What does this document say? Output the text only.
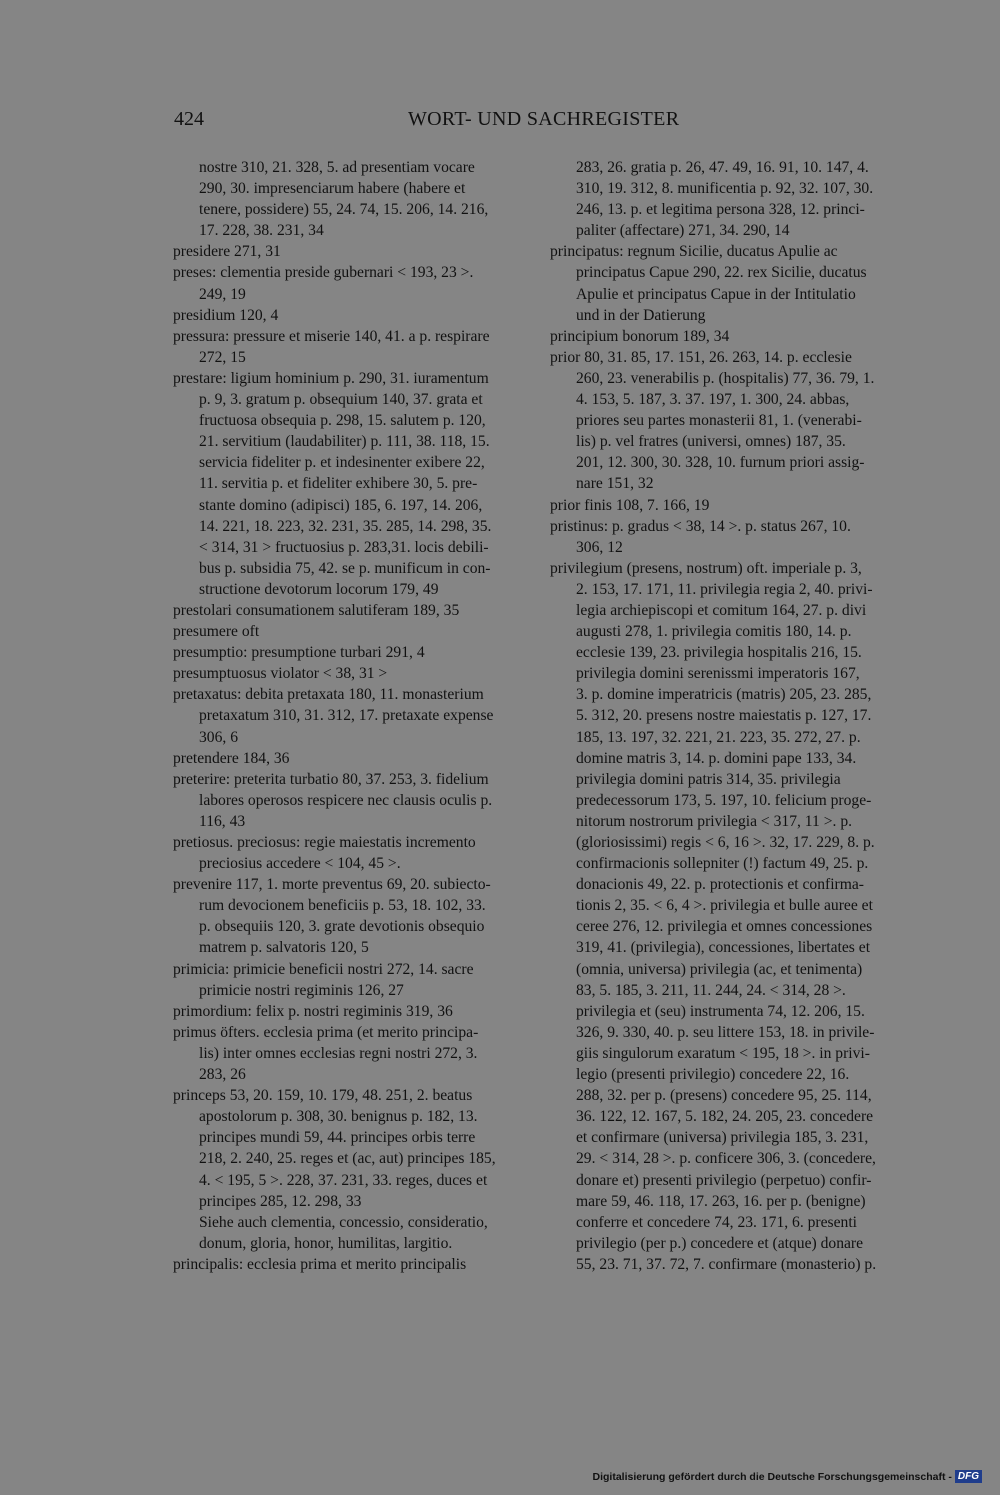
424	WORT- UND SACHREGISTER
nostre 310, 21. 328, 5. ad presentiam vocare
290, 30. impresenciarum habere (habere et
tenere, possidere) 55, 24. 74, 15. 206, 14. 216,
17. 228, 38. 231, 34
presidere 271, 31
preses: clementia preside gubernari < 193, 23 >.
249, 19
presidium 120, 4
pressura: pressure et miserie 140, 41. a p. respirare
272, 15
prestare: ligium hominium p. 290, 31. iuramentum
p. 9, 3. gratum p. obsequium 140, 37. grata et
fructuosa obsequia p. 298, 15. salutem p. 120,
21. servitium (laudabiliter) p. 111, 38. 118, 15.
servicia fideliter p. et indesinenter exibere 22,
11. servitia p. et fideliter exhibere 30, 5. pre-
stante domino (adipisci) 185, 6. 197, 14. 206,
14. 221, 18. 223, 32. 231, 35. 285, 14. 298, 35.
< 314, 31 > fructuosius p. 283,31. locis debili-
bus p. subsidia 75, 42. se p. munificum in con-
structione devotorum locorum 179, 49
prestolari consumationem salutiferam 189, 35
presumere oft
presumptio: presumptione turbari 291, 4
presumptuosus violator < 38, 31 >
pretaxatus: debita pretaxata 180, 11. monasterium
pretaxatum 310, 31. 312, 17. pretaxate expense
306, 6
pretendere 184, 36
preterire: preterita turbatio 80, 37. 253, 3. fidelium
labores operosos respicere nec clausis oculis p.
116, 43
pretiosus. preciosus: regie maiestatis incremento
preciosius accedere < 104, 45 >.
prevenire 117, 1. morte preventus 69, 20. subiecto-
rum devocionem beneficiis p. 53, 18. 102, 33.
p. obsequiis 120, 3. grate devotionis obsequio
matrem p. salvatoris 120, 5
primicia: primicie beneficii nostri 272, 14. sacre
primicie nostri regiminis 126, 27
primordium: felix p. nostri regiminis 319, 36
primus öfters. ecclesia prima (et merito principa-
lis) inter omnes ecclesias regni nostri 272, 3.
283, 26
princeps 53, 20. 159, 10. 179, 48. 251, 2. beatus
apostolorum p. 308, 30. benignus p. 182, 13.
principes mundi 59, 44. principes orbis terre
218, 2. 240, 25. reges et (ac, aut) principes 185,
4. < 195, 5 >. 228, 37. 231, 33. reges, duces et
principes 285, 12. 298, 33
Siehe auch clementia, concessio, consideratio,
donum, gloria, honor, humilitas, largitio.
principalis: ecclesia prima et merito principalis
283, 26. gratia p. 26, 47. 49, 16. 91, 10. 147, 4.
310, 19. 312, 8. munificentia p. 92, 32. 107, 30.
246, 13. p. et legitima persona 328, 12. princi-
paliter (affectare) 271, 34. 290, 14
principatus: regnum Sicilie, ducatus Apulie ac
principatus Capue 290, 22. rex Sicilie, ducatus
Apulie et principatus Capue in der Intitulatio
und in der Datierung
principium bonorum 189, 34
prior 80, 31. 85, 17. 151, 26. 263, 14. p. ecclesie
260, 23. venerabilis p. (hospitalis) 77, 36. 79, 1.
4. 153, 5. 187, 3. 37. 197, 1. 300, 24. abbas,
priores seu partes monasterii 81, 1. (venerabi-
lis) p. vel fratres (universi, omnes) 187, 35.
201, 12. 300, 30. 328, 10. furnum priori assig-
nare 151, 32
prior finis 108, 7. 166, 19
pristinus: p. gradus < 38, 14 >. p. status 267, 10.
306, 12
privilegium (presens, nostrum) oft. imperiale p. 3,
2. 153, 17. 171, 11. privilegia regia 2, 40. privi-
legia archiepiscopi et comitum 164, 27. p. divi
augusti 278, 1. privilegia comitis 180, 14. p.
ecclesie 139, 23. privilegia hospitalis 216, 15.
privilegia domini serenissmi imperatoris 167,
3. p. domine imperatricis (matris) 205, 23. 285,
5. 312, 20. presens nostre maiestatis p. 127, 17.
185, 13. 197, 32. 221, 21. 223, 35. 272, 27. p.
domine matris 3, 14. p. domini pape 133, 34.
privilegia domini patris 314, 35. privilegia
predecessorum 173, 5. 197, 10. felicium proge-
nitorum nostrorum privilegia < 317, 11 >. p.
(gloriosissimi) regis < 6, 16 >. 32, 17. 229, 8. p.
confirmacionis sollepniter (!) factum 49, 25. p.
donacionis 49, 22. p. protectionis et confirma-
tionis 2, 35. < 6, 4 >. privilegia et bulle auree et
ceree 276, 12. privilegia et omnes concessiones
319, 41. (privilegia), concessiones, libertates et
(omnia, universa) privilegia (ac, et tenimenta)
83, 5. 185, 3. 211, 11. 244, 24. < 314, 28 >.
privilegia et (seu) instrumenta 74, 12. 206, 15.
326, 9. 330, 40. p. seu littere 153, 18. in privile-
giis singulorum exaratum < 195, 18 >. in privi-
legio (presenti privilegio) concedere 22, 16.
288, 32. per p. (presens) concedere 95, 25. 114,
36. 122, 12. 167, 5. 182, 24. 205, 23. concedere
et confirmare (universa) privilegia 185, 3. 231,
29. < 314, 28 >. p. conficere 306, 3. (concedere,
donare et) presenti privilegio (perpetuo) confir-
mare 59, 46. 118, 17. 263, 16. per p. (benigne)
conferre et concedere 74, 23. 171, 6. presenti
privilegio (per p.) concedere et (atque) donare
55, 23. 71, 37. 72, 7. confirmare (monasterio) p.
Digitalisierung gefördert durch die Deutsche Forschungsgemeinschaft - DFG
